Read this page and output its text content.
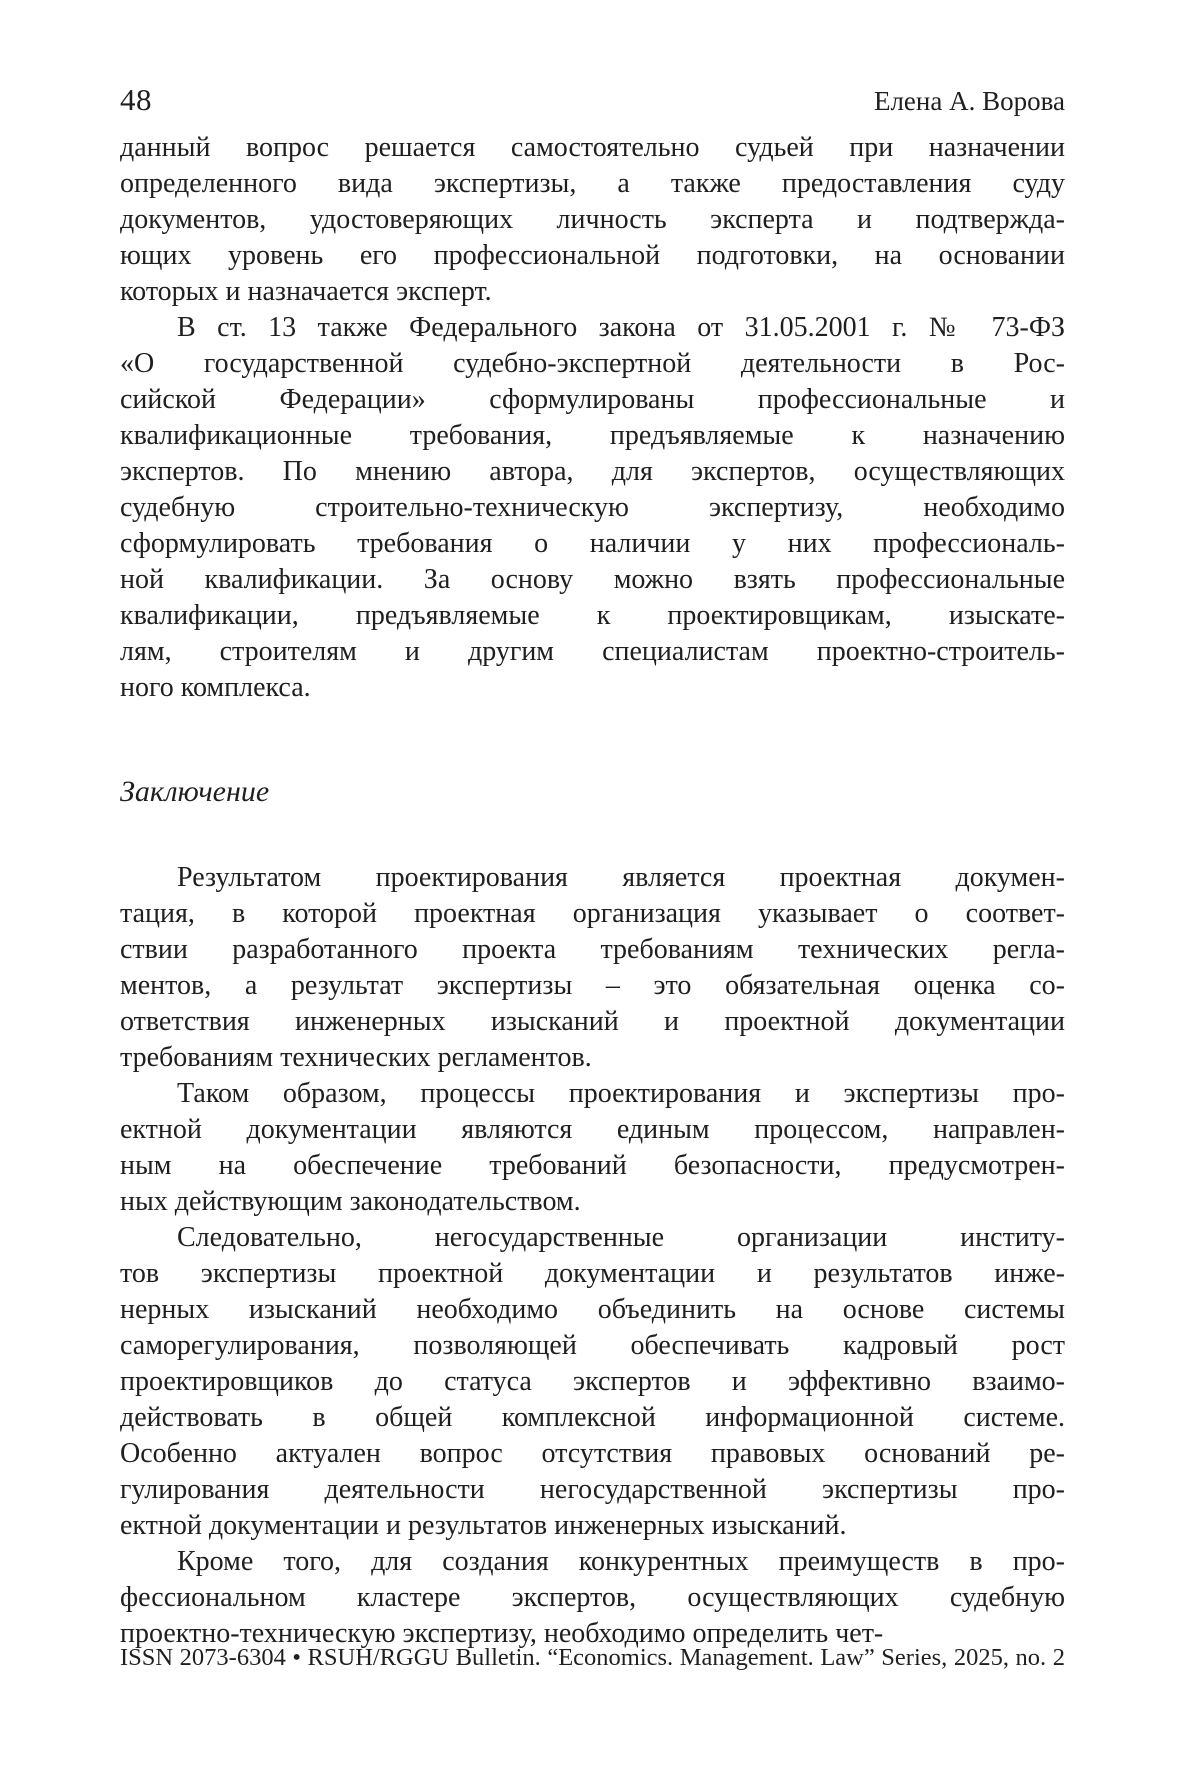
48	Елена А. Ворова
данный вопрос решается самостоятельно судьей при назначении
определенного вида экспертизы, а также предоставления суду
документов, удостоверяющих личность эксперта и подтвержда-
ющих уровень его профессиональной подготовки, на основании
которых и назначается эксперт.
В ст. 13 также Федерального закона от 31.05.2001 г. № 73-ФЗ
«О государственной судебно-экспертной деятельности в Рос-
сийской Федерации» сформулированы профессиональные и
квалификационные требования, предъявляемые к назначению
экспертов. По мнению автора, для экспертов, осуществляющих
судебную строительно-техническую экспертизу, необходимо
сформулировать требования о наличии у них профессиональ-
ной квалификации. За основу можно взять профессиональные
квалификации, предъявляемые к проектировщикам, изыскате-
лям, строителям и другим специалистам проектно-строитель-
ного комплекса.
Заключение
Результатом проектирования является проектная докумен-
тация, в которой проектная организация указывает о соответ-
ствии разработанного проекта требованиям технических регла-
ментов, а результат экспертизы – это обязательная оценка со-
ответствия инженерных изысканий и проектной документации
требованиям технических регламентов.
Таком образом, процессы проектирования и экспертизы про-
ектной документации являются единым процессом, направлен-
ным на обеспечение требований безопасности, предусмотрен-
ных действующим законодательством.
Следовательно, негосударственные организации институ-
тов экспертизы проектной документации и результатов инже-
нерных изысканий необходимо объединить на основе системы
саморегулирования, позволяющей обеспечивать кадровый рост
проектировщиков до статуса экспертов и эффективно взаимо-
действовать в общей комплексной информационной системе.
Особенно актуален вопрос отсутствия правовых оснований ре-
гулирования деятельности негосударственной экспертизы про-
ектной документации и результатов инженерных изысканий.
Кроме того, для создания конкурентных преимуществ в про-
фессиональном кластере экспертов, осуществляющих судебную
проектно-техническую экспертизу, необходимо определить чет-
ISSN 2073-6304 • RSUH/RGGU Bulletin. “Economics. Management. Law” Series, 2025, no. 2
